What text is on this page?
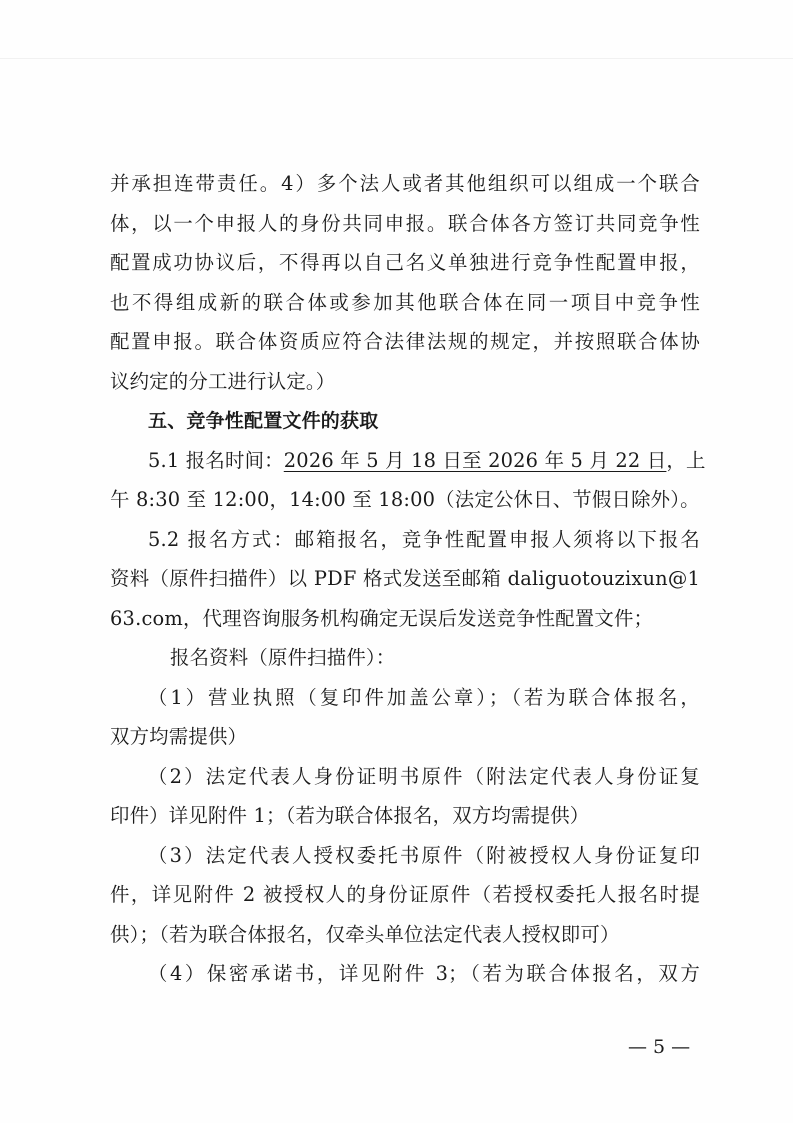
并承担连带责任。4）多个法人或者其他组织可以组成一个联合
体，以一个申报人的身份共同申报。联合体各方签订共同竞争性
配置成功协议后，不得再以自己名义单独进行竞争性配置申报，
也不得组成新的联合体或参加其他联合体在同一项目中竞争性
配置申报。联合体资质应符合法律法规的规定，并按照联合体协
议约定的分工进行认定。）
五、竞争性配置文件的获取
5.1 报名时间：2026 年 5 月 18 日至 2026 年 5 月 22 日，上
午 8:30 至 12:00，14:00 至 18:00（法定公休日、节假日除外）。
5.2 报名方式：邮箱报名，竞争性配置申报人须将以下报名
资料（原件扫描件）以 PDF 格式发送至邮箱 daliguotouzixun@1
63.com，代理咨询服务机构确定无误后发送竞争性配置文件；
报名资料（原件扫描件）：
（1）营业执照（复印件加盖公章）；（若为联合体报名，
双方均需提供）
（2）法定代表人身份证明书原件（附法定代表人身份证复
印件）详见附件 1；（若为联合体报名，双方均需提供）
（3）法定代表人授权委托书原件（附被授权人身份证复印
件，详见附件 2 被授权人的身份证原件（若授权委托人报名时提
供）；（若为联合体报名，仅牵头单位法定代表人授权即可）
（4）保密承诺书，详见附件 3；（若为联合体报名，双方
— 5 —
